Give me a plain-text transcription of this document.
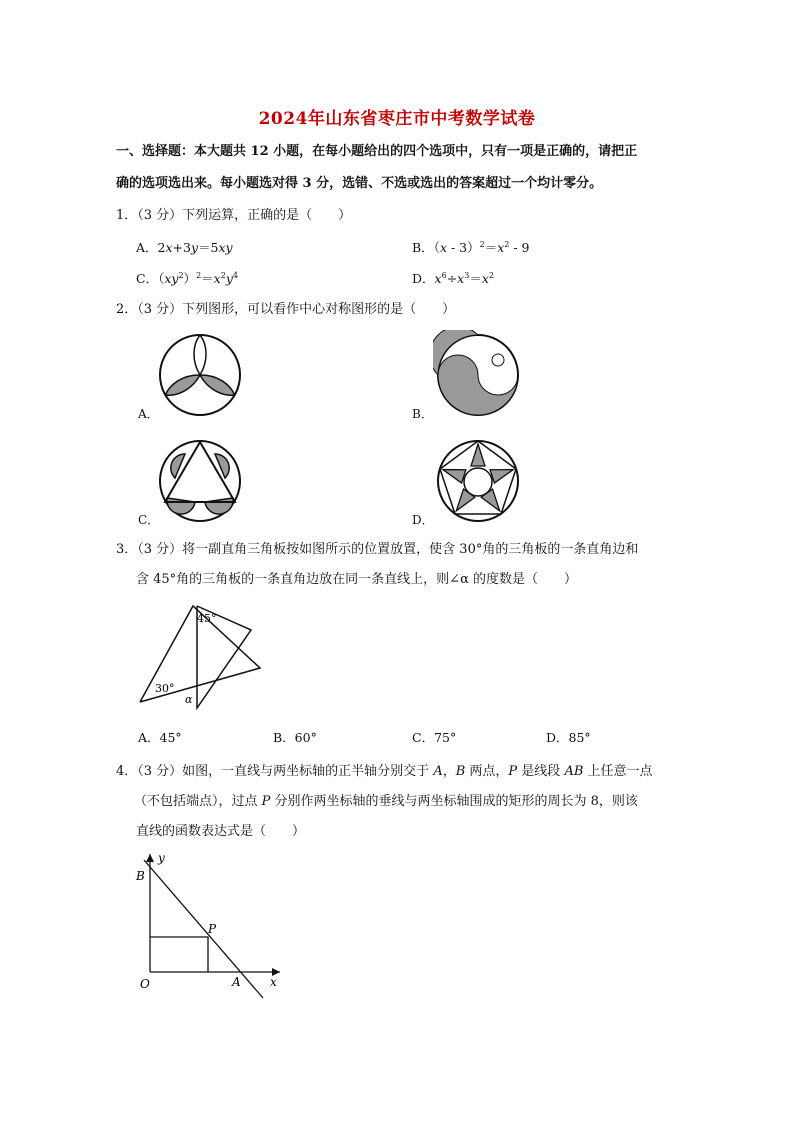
2024年山东省枣庄市中考数学试卷
一、选择题：本大题共 12 小题，在每小题给出的四个选项中，只有一项是正确的，请把正
确的选项选出来。每小题选对得 3 分，选错、不选或选出的答案超过一个均计零分。
1．（3 分）下列运算，正确的是（　　）
A．2x+3y＝5xy	B．$(x - 3)^2=x^2 - 9$
C．$(xy^2)^2=x^2y^4$	D．$x^6\div x^3=x^2$
2．（3 分）下列图形，可以看作中心对称图形的是（　　）
A．	B．
C．	D．
3．（3 分）将一副直角三角板按如图所示的位置放置，使含 30°角的三角板的一条直角边和
含 45°角的三角板的一条直角边放在同一条直线上，则∠α 的度数是（　　）
45°
30°
α
A．45°	B．60°	C．75°	D．85°
4．（3 分）如图，一直线与两坐标轴的正半轴分别交于 A，B 两点，P 是线段 AB 上任意一点
（不包括端点），过点 P 分别作两坐标轴的垂线与两坐标轴围成的矩形的周长为 8，则该
直线的函数表达式是（　　）
y
B
P
O	A x
